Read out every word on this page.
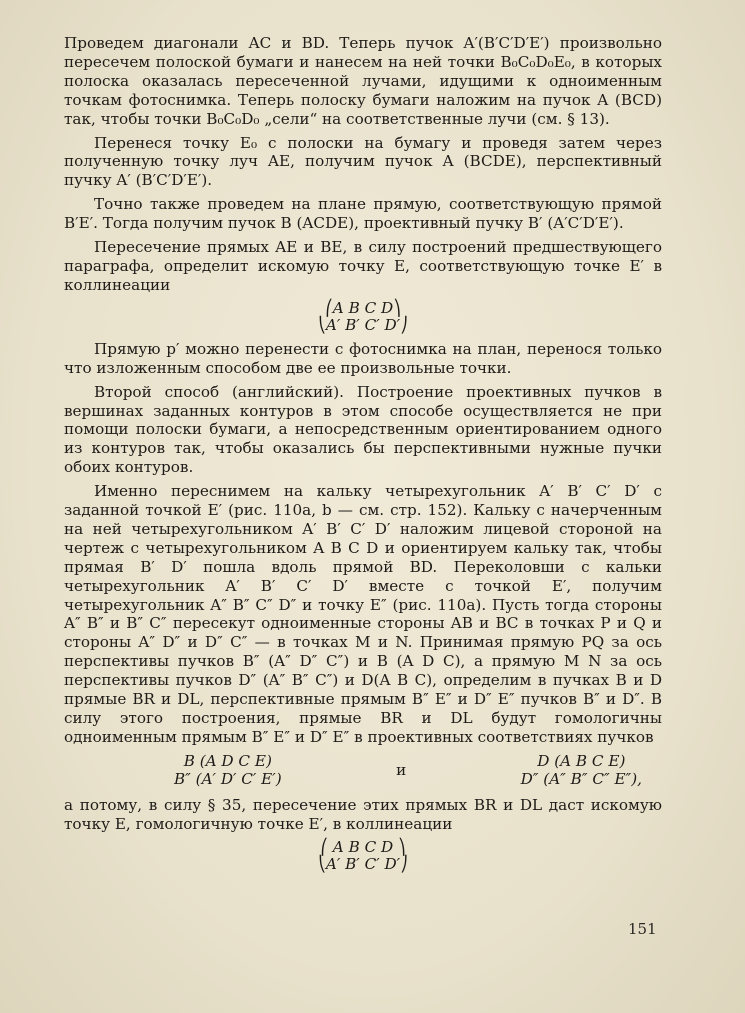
Проведем диагонали AC и BD. Теперь пучок A′(B′C′D′E′) произвольно пересечем полоской бумаги и нанесем на ней точки B₀C₀D₀E₀, в которых полоска оказалась пересеченной лучами, идущими к одноименным точкам фотоснимка. Теперь полоску бумаги наложим на пучок A (BCD) так, чтобы точки B₀C₀D₀ „сели“ на соответственные лучи (см. § 13).

Перенеся точку E₀ с полоски на бумагу и проведя затем через полученную точку луч AE, получим пучок A (BCDE), перспективный пучку A′ (B′C′D′E′).

Точно также проведем на плане прямую, соответствующую прямой B′E′. Тогда получим пучок B (ACDE), проективный пучку B′ (A′C′D′E′).

Пересечение прямых AE и BE, в силу построений предшествующего параграфа, определит искомую точку E, соответствующую точке E′ в коллинеации

⎛A B C D⎞
⎝A′ B′ C′ D′⎠

Прямую p′ можно перенести с фотоснимка на план, перенося только что изложенным способом две ее произвольные точки.

Второй способ (английский). Построение проективных пучков в вершинах заданных контуров в этом способе осуществляется не при помощи полоски бумаги, а непосредственным ориентированием одного из контуров так, чтобы оказались бы перспективными нужные пучки обоих контуров.

Именно переснимем на кальку четырехугольник A′ B′ C′ D′ с заданной точкой E′ (рис. 110a, b — см. стр. 152). Кальку с начерченным на ней четырехугольником A′ B′ C′ D′ наложим лицевой стороной на чертеж с четырехугольником A B C D и ориентируем кальку так, чтобы прямая B′ D′ пошла вдоль прямой BD. Переколовши с кальки четырехугольник A′ B′ C′ D′ вместе с точкой E′, получим четырехугольник A″ B″ C″ D″ и точку E″ (рис. 110a). Пусть тогда стороны A″ B″ и B″ C″ пересекут одноименные стороны AB и BC в точках P и Q и стороны A″ D″ и D″ C″ — в точках M и N. Принимая прямую PQ за ось перспективы пучков B″ (A″ D″ C″) и B (A D C), а прямую M N за ось перспективы пучков D″ (A″ B″ C″) и D(A B C), определим в пучках B и D прямые BR и DL, перспективные прямым B″ E″ и D″ E″ пучков B″ и D″. В силу этого построения, прямые BR и DL будут гомологичны одноименным прямым B″ E″ и D″ E″ в проективных соответствиях пучков

B (A D C E)
B″ (A′ D′ C′ E′)	и	D (A B C E)
D″ (A″ B″ C″ E″),

а потому, в силу § 35, пересечение этих прямых BR и DL даст искомую точку E, гомологичную точке E′, в коллинеации

⎛ A B C D ⎞
⎝A′ B′ C′ D′⎠
151
